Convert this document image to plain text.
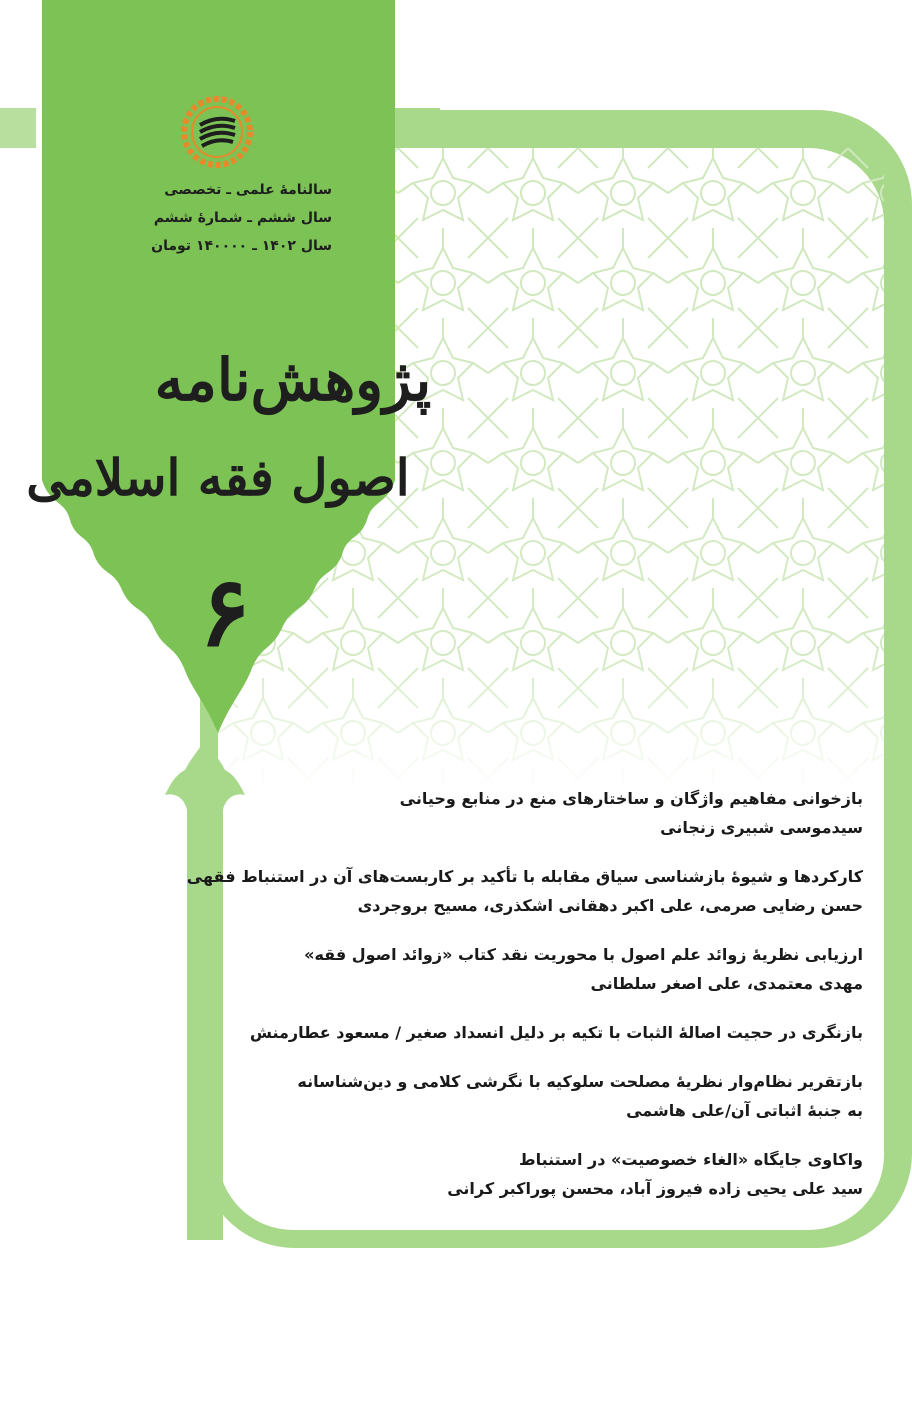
سالنامهٔ علمی ـ تخصصی
سال ششم ـ شمارهٔ ششم
سال ۱۴۰۲ ـ ۱۴۰۰۰۰ تومان
پژوهش‌نامه
اصول فقه اسلامی
۶
بازخوانی مفاهیم واژگان و ساختارهای منع در منابع وحیانی
سیدموسی شبیری زنجانی
کارکردها و شیوهٔ بازشناسی سیاق مقابله با تأکید بر کاربست‌های آن در استنباط فقهی
حسن رضایی صرمی، علی اکبر دهقانی اشکذری، مسیح بروجردی
ارزیابی نظریهٔ زوائد علم اصول با محوریت نقد کتاب «زوائد اصول فقه»
مهدی معتمدی، علی اصغر سلطانی
بازنگری در حجیت اصالهٔ الثبات با تکیه بر دلیل انسداد صغیر / مسعود عطارمنش
بازتقریر نظام‌وار نظریهٔ مصلحت سلوکیه با نگرشی کلامی و دین‌شناسانه
به جنبهٔ اثباتی آن/علی هاشمی
واکاوی جایگاه «الغاء خصوصیت» در استنباط
سید علی یحیی زاده فیروز آباد، محسن پوراکبر کرانی
